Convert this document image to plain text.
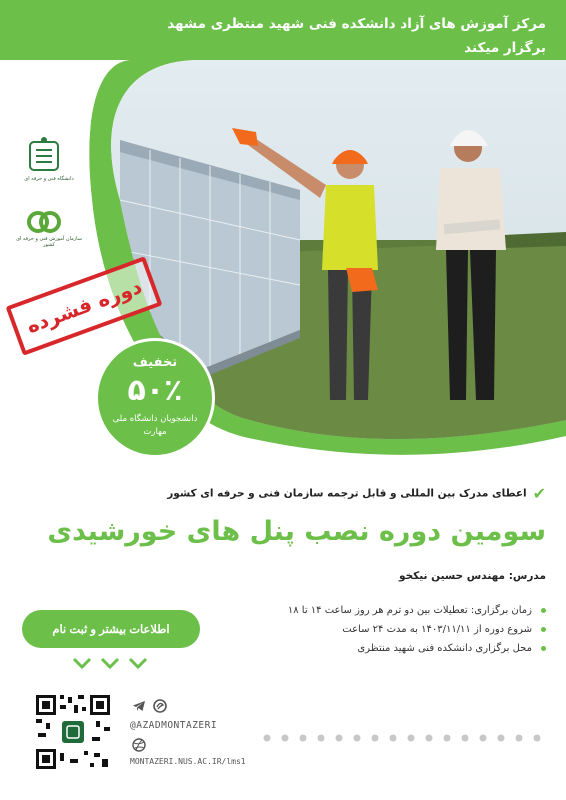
مرکز آموزش های آزاد دانشکده فنی شهید منتظری مشهد
برگزار میکند
دانشگاه فنی و حرفه ای
سازمان آموزش فنی و حرفه ای کشور
دوره فشرده
تخفیف
۵۰٪
دانشجویان دانشگاه ملی مهارت
✔اعطای مدرک بین المللی و قابل ترجمه سازمان فنی و حرفه ای کشور
سومین دوره نصب پنل های خورشیدی
مدرس: مهندس حسین نیکخو
زمان برگزاری: تعطیلات بین دو ترم هر روز ساعت ۱۴ تا ۱۸
شروع دوره از ۱۴۰۳/۱۱/۱۱ به مدت ۲۴ ساعت
محل برگزاری دانشکده فنی شهید منتظری
اطلاعات بیشتر و ثبت نام
@AZADMONTAZERI
MONTAZERI.NUS.AC.IR/lms1
